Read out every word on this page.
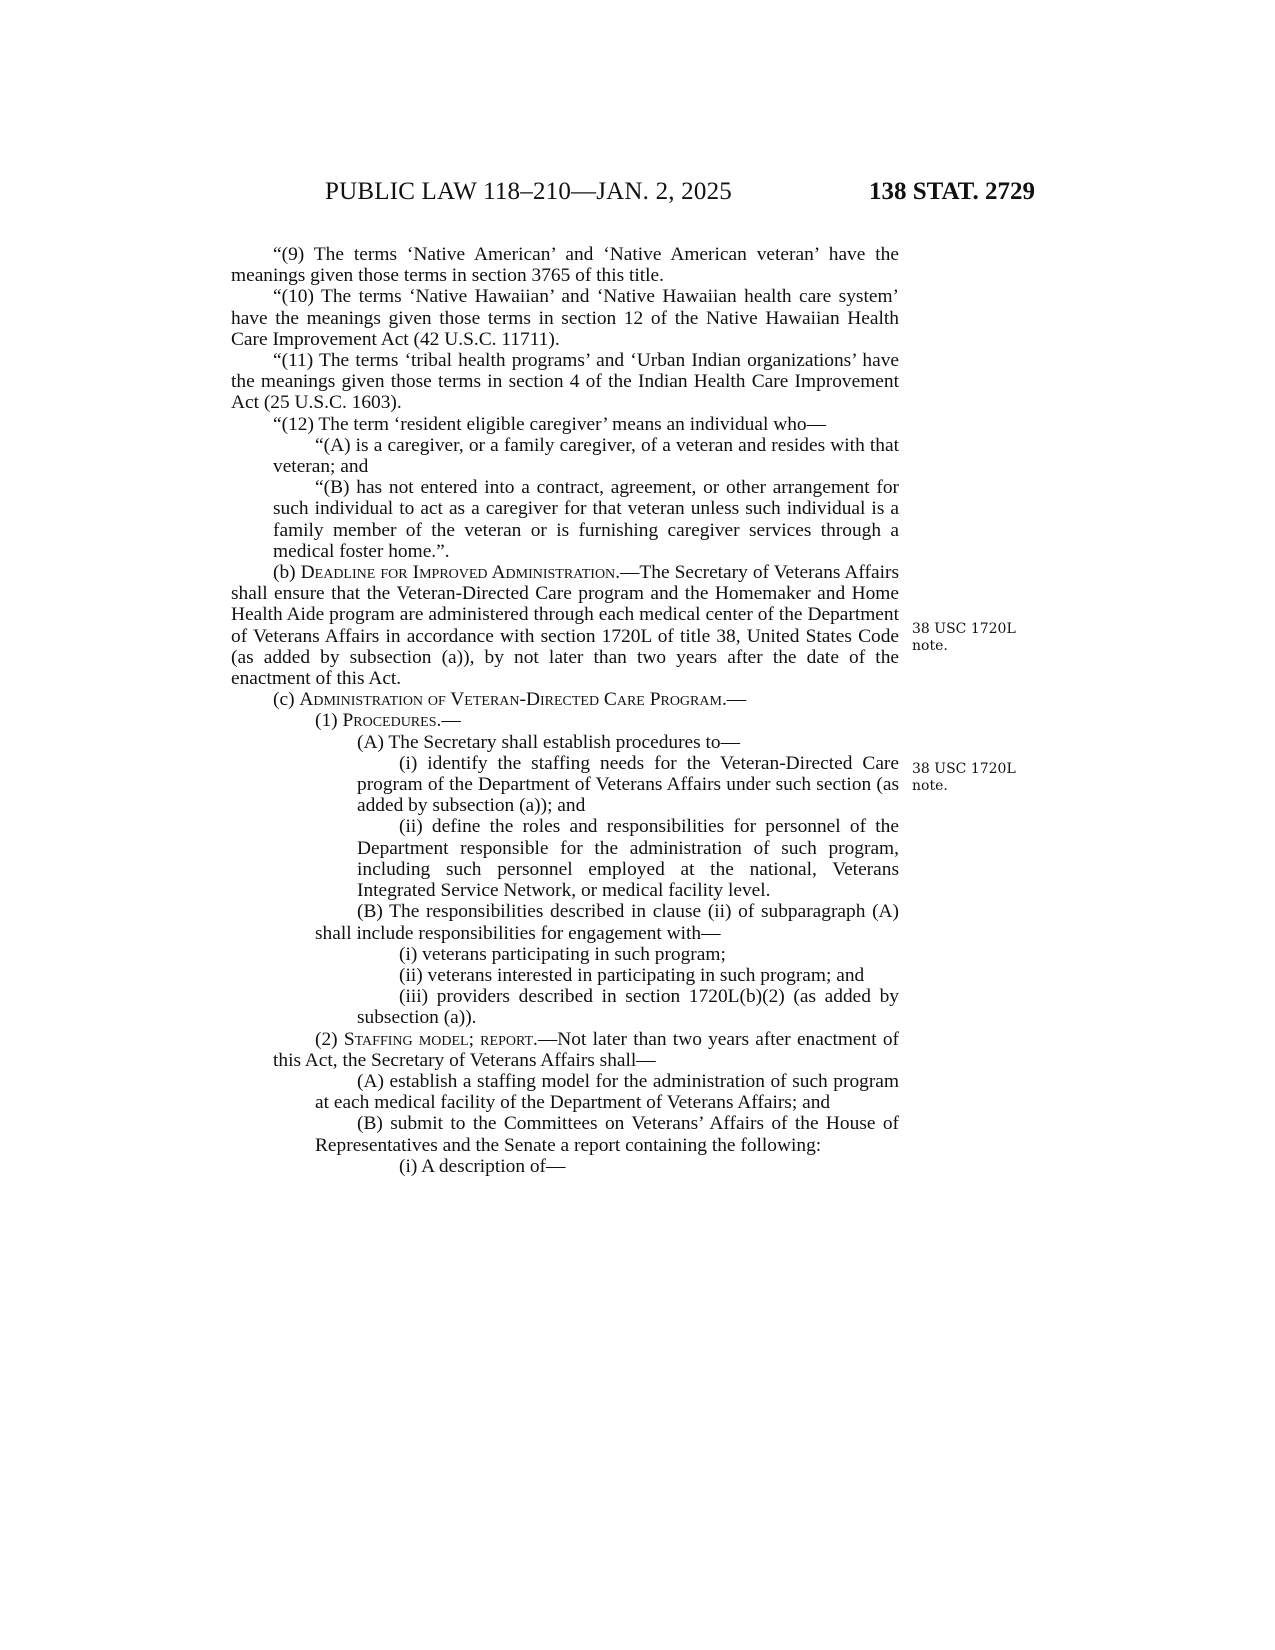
PUBLIC LAW 118–210—JAN. 2, 2025	138 STAT. 2729
38 USC 1720L
note.
38 USC 1720L
note.

“(9) The terms ‘Native American’ and ‘Native American veteran’ have the meanings given those terms in section 3765 of this title.

“(10) The terms ‘Native Hawaiian’ and ‘Native Hawaiian health care system’ have the meanings given those terms in section 12 of the Native Hawaiian Health Care Improvement Act (42 U.S.C. 11711).

“(11) The terms ‘tribal health programs’ and ‘Urban Indian organizations’ have the meanings given those terms in section 4 of the Indian Health Care Improvement Act (25 U.S.C. 1603).

“(12) The term ‘resident eligible caregiver’ means an individual who—

“(A) is a caregiver, or a family caregiver, of a veteran and resides with that veteran; and

“(B) has not entered into a contract, agreement, or other arrangement for such individual to act as a caregiver for that veteran unless such individual is a family member of the veteran or is furnishing caregiver services through a medical foster home.”.

(b) Deadline for Improved Administration.—The Secretary of Veterans Affairs shall ensure that the Veteran-Directed Care program and the Homemaker and Home Health Aide program are administered through each medical center of the Department of Veterans Affairs in accordance with section 1720L of title 38, United States Code (as added by subsection (a)), by not later than two years after the date of the enactment of this Act.

(c) Administration of Veteran-Directed Care Program.—

(1) Procedures.—

(A) The Secretary shall establish procedures to—

(i) identify the staffing needs for the Veteran-Directed Care program of the Department of Veterans Affairs under such section (as added by subsection (a)); and

(ii) define the roles and responsibilities for personnel of the Department responsible for the administration of such program, including such personnel employed at the national, Veterans Integrated Service Network, or medical facility level.

(B) The responsibilities described in clause (ii) of subparagraph (A) shall include responsibilities for engagement with—

(i) veterans participating in such program;

(ii) veterans interested in participating in such program; and

(iii) providers described in section 1720L(b)(2) (as added by subsection (a)).

(2) Staffing model; report.—Not later than two years after enactment of this Act, the Secretary of Veterans Affairs shall—

(A) establish a staffing model for the administration of such program at each medical facility of the Department of Veterans Affairs; and

(B) submit to the Committees on Veterans’ Affairs of the House of Representatives and the Senate a report containing the following:

(i) A description of—
